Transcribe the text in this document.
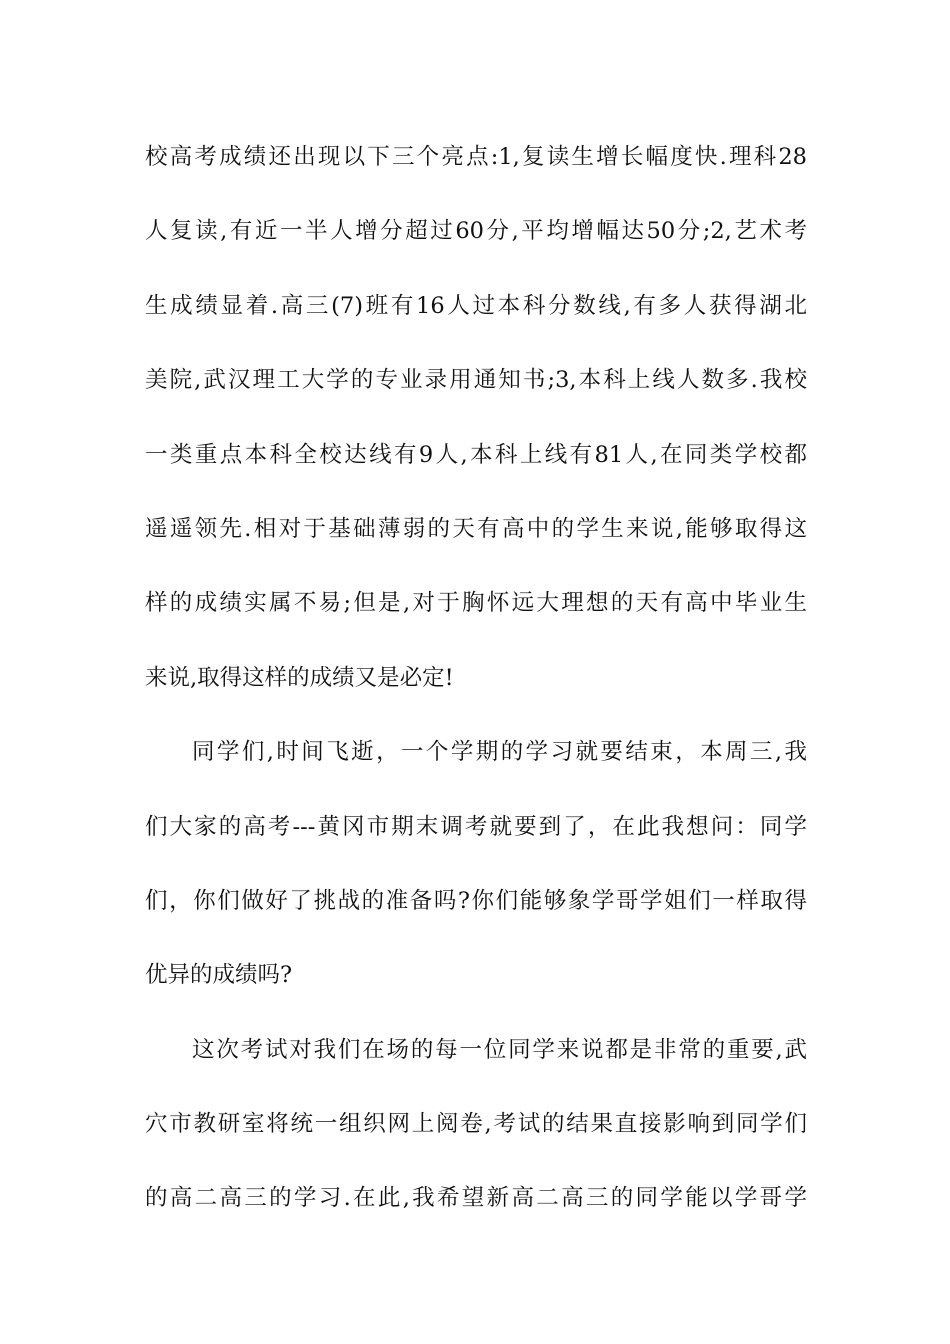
校高考成绩还出现以下三个亮点:1,复读生增长幅度快.理科28
人复读,有近一半人增分超过60分,平均增幅达50分;2,艺术考
生成绩显着.高三(7)班有16人过本科分数线,有多人获得湖北
美院,武汉理工大学的专业录用通知书;3,本科上线人数多.我校
一类重点本科全校达线有9人,本科上线有81人,在同类学校都
遥遥领先.相对于基础薄弱的天有高中的学生来说,能够取得这
样的成绩实属不易;但是,对于胸怀远大理想的天有高中毕业生
来说,取得这样的成绩又是必定!
同学们,时间飞逝，一个学期的学习就要结束，本周三,我
们大家的高考---黄冈市期末调考就要到了，在此我想问：同学
们，你们做好了挑战的准备吗?你们能够象学哥学姐们一样取得
优异的成绩吗?
这次考试对我们在场的每一位同学来说都是非常的重要,武
穴市教研室将统一组织网上阅卷,考试的结果直接影响到同学们
的高二高三的学习.在此,我希望新高二高三的同学能以学哥学
